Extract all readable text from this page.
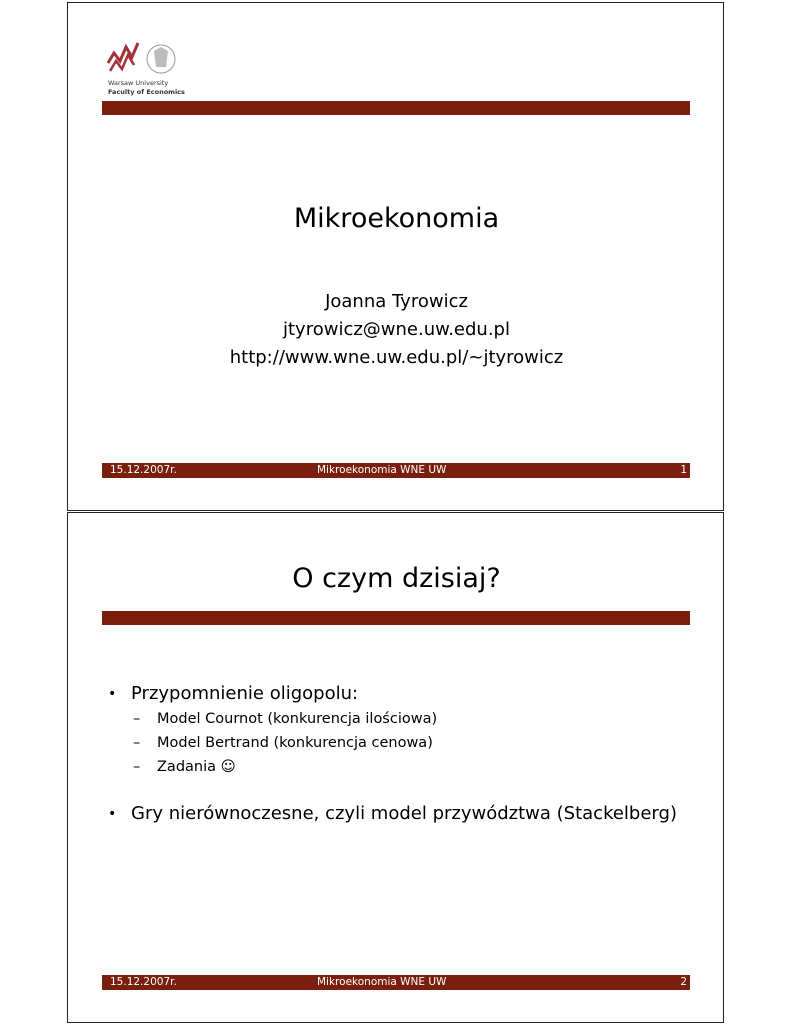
Warsaw University
Faculty of Economics
Mikroekonomia
Joanna Tyrowicz
jtyrowicz@wne.uw.edu.pl
http://www.wne.uw.edu.pl/~jtyrowicz
15.12.2007r.	Mikroekonomia WNE UW	1
O czym dzisiaj?
• Przypomnienie oligopolu:
– Model Cournot (konkurencja ilościowa)
– Model Bertrand (konkurencja cenowa)
– Zadania ☺
• Gry nierównoczesne, czyli model przywództwa (Stackelberg)
15.12.2007r.	Mikroekonomia WNE UW	2
